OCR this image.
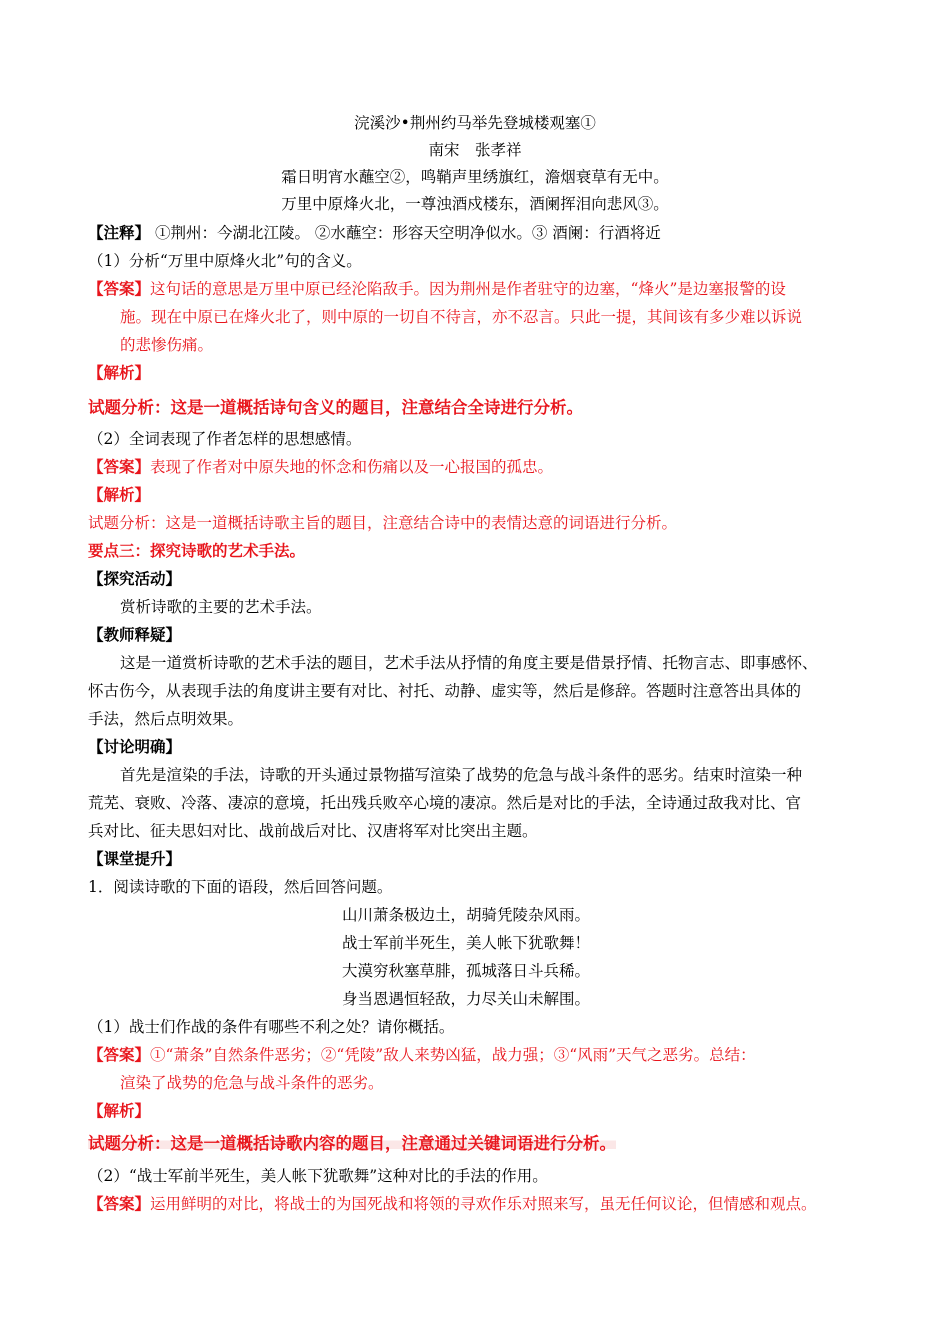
浣溪沙•荆州约马举先登城楼观塞①
南宋　张孝祥
霜日明宵水蘸空②，鸣鞘声里绣旗红，澹烟衰草有无中。
万里中原烽火北，一尊浊酒戍楼东，酒阑挥泪向悲风③。
【注释】 ①荆州：今湖北江陵。 ②水蘸空：形容天空明净似水。③ 酒阑：行酒将近
（1）分析“万里中原烽火北”句的含义。
【答案】这句话的意思是万里中原已经沦陷敌手。因为荆州是作者驻守的边塞，“烽火”是边塞报警的设
施。现在中原已在烽火北了，则中原的一切自不待言，亦不忍言。只此一提，其间该有多少难以诉说
的悲惨伤痛。
【解析】
试题分析：这是一道概括诗句含义的题目，注意结合全诗进行分析。
（2）全词表现了作者怎样的思想感情。
【答案】表现了作者对中原失地的怀念和伤痛以及一心报国的孤忠。
【解析】
试题分析：这是一道概括诗歌主旨的题目，注意结合诗中的表情达意的词语进行分析。
要点三：探究诗歌的艺术手法。
【探究活动】
赏析诗歌的主要的艺术手法。
【教师释疑】
这是一道赏析诗歌的艺术手法的题目，艺术手法从抒情的角度主要是借景抒情、托物言志、即事感怀、
怀古伤今，从表现手法的角度讲主要有对比、衬托、动静、虚实等，然后是修辞。答题时注意答出具体的
手法，然后点明效果。
【讨论明确】
首先是渲染的手法，诗歌的开头通过景物描写渲染了战势的危急与战斗条件的恶劣。结束时渲染一种
荒芜、衰败、冷落、凄凉的意境，托出残兵败卒心境的凄凉。然后是对比的手法，全诗通过敌我对比、官
兵对比、征夫思妇对比、战前战后对比、汉唐将军对比突出主题。
【课堂提升】
1．阅读诗歌的下面的语段，然后回答问题。
山川萧条极边土，胡骑凭陵杂风雨。
战士军前半死生，美人帐下犹歌舞！
大漠穷秋塞草腓，孤城落日斗兵稀。
身当恩遇恒轻敌，力尽关山未解围。
（1）战士们作战的条件有哪些不利之处？请你概括。
【答案】①“萧条”自然条件恶劣；②“凭陵”敌人来势凶猛，战力强；③“风雨”天气之恶劣。总结：
渲染了战势的危急与战斗条件的恶劣。
【解析】
试题分析：这是一道概括诗歌内容的题目，注意通过关键词语进行分析。
（2）“战士军前半死生，美人帐下犹歌舞”这种对比的手法的作用。
【答案】运用鲜明的对比，将战士的为国死战和将领的寻欢作乐对照来写，虽无任何议论，但情感和观点。
